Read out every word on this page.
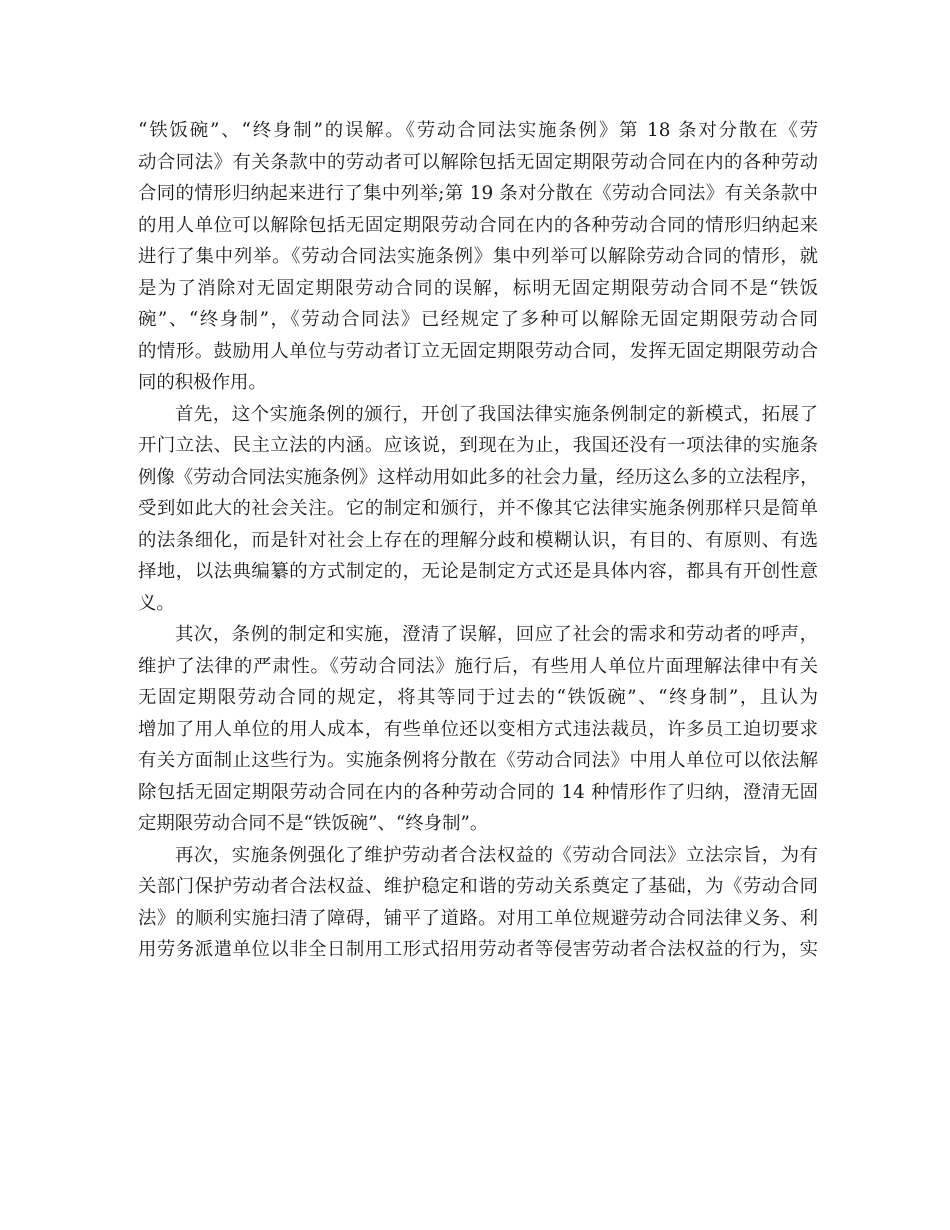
“铁饭碗”、“终身制”的误解。《劳动合同法实施条例》第 18 条对分散在《劳
动合同法》有关条款中的劳动者可以解除包括无固定期限劳动合同在内的各种劳动
合同的情形归纳起来进行了集中列举;第 19 条对分散在《劳动合同法》有关条款中
的用人单位可以解除包括无固定期限劳动合同在内的各种劳动合同的情形归纳起来
进行了集中列举。《劳动合同法实施条例》集中列举可以解除劳动合同的情形，就
是为了消除对无固定期限劳动合同的误解，标明无固定期限劳动合同不是“铁饭
碗”、“终身制”，《劳动合同法》已经规定了多种可以解除无固定期限劳动合同
的情形。鼓励用人单位与劳动者订立无固定期限劳动合同，发挥无固定期限劳动合
同的积极作用。
首先，这个实施条例的颁行，开创了我国法律实施条例制定的新模式，拓展了
开门立法、民主立法的内涵。应该说，到现在为止，我国还没有一项法律的实施条
例像《劳动合同法实施条例》这样动用如此多的社会力量，经历这么多的立法程序，
受到如此大的社会关注。它的制定和颁行，并不像其它法律实施条例那样只是简单
的法条细化，而是针对社会上存在的理解分歧和模糊认识，有目的、有原则、有选
择地，以法典编纂的方式制定的，无论是制定方式还是具体内容，都具有开创性意
义。
其次，条例的制定和实施，澄清了误解，回应了社会的需求和劳动者的呼声，
维护了法律的严肃性。《劳动合同法》施行后，有些用人单位片面理解法律中有关
无固定期限劳动合同的规定，将其等同于过去的“铁饭碗”、“终身制”，且认为
增加了用人单位的用人成本，有些单位还以变相方式违法裁员，许多员工迫切要求
有关方面制止这些行为。实施条例将分散在《劳动合同法》中用人单位可以依法解
除包括无固定期限劳动合同在内的各种劳动合同的 14 种情形作了归纳，澄清无固
定期限劳动合同不是“铁饭碗”、“终身制”。
再次，实施条例强化了维护劳动者合法权益的《劳动合同法》立法宗旨，为有
关部门保护劳动者合法权益、维护稳定和谐的劳动关系奠定了基础，为《劳动合同
法》的顺利实施扫清了障碍，铺平了道路。对用工单位规避劳动合同法律义务、利
用劳务派遣单位以非全日制用工形式招用劳动者等侵害劳动者合法权益的行为，实
